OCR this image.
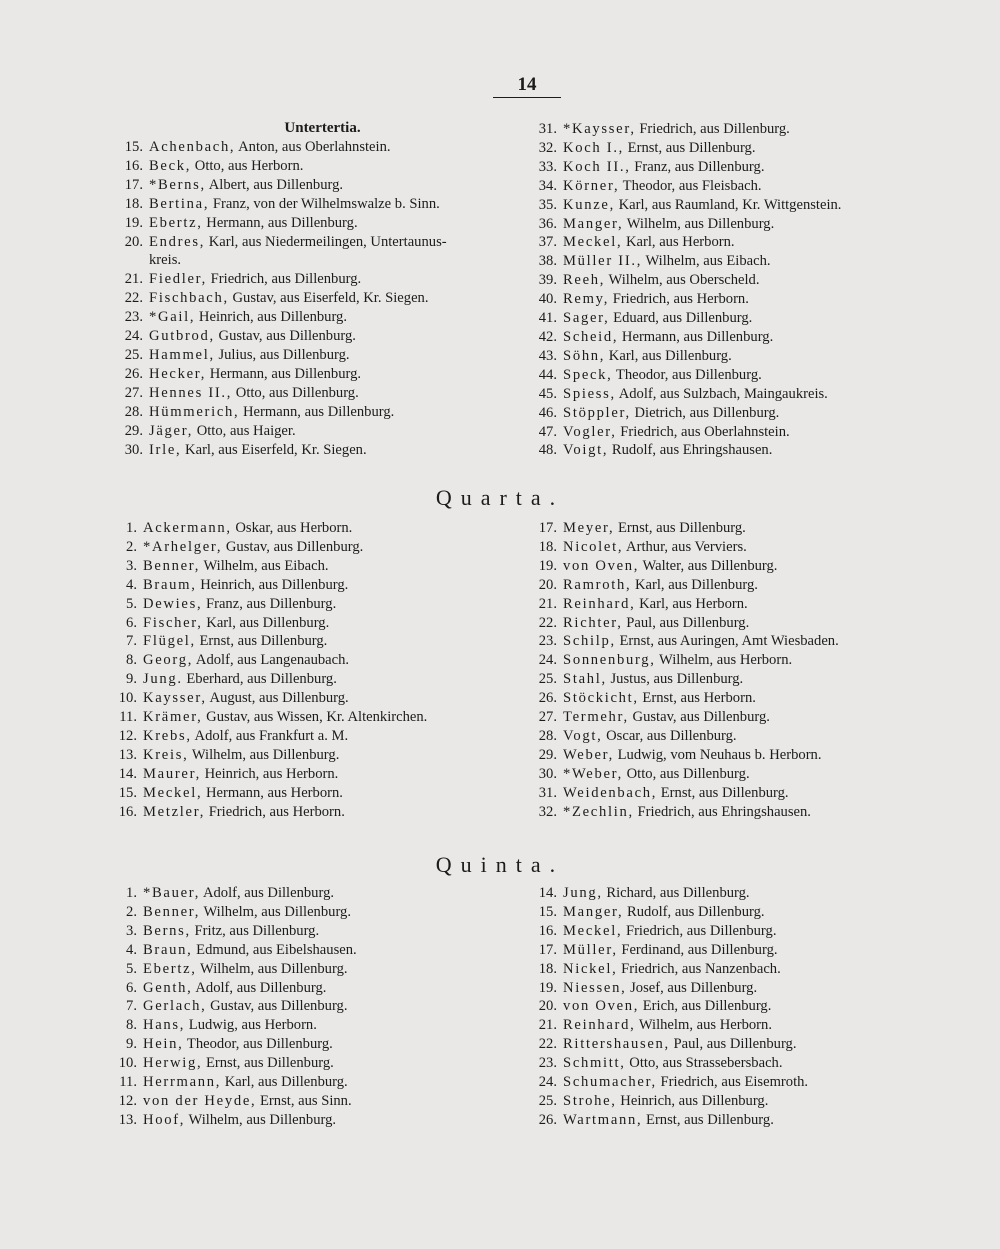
14
Untertertia.
15. Achenbach, Anton, aus Oberlahnstein.
16. Beck, Otto, aus Herborn.
17. *Berns, Albert, aus Dillenburg.
18. Bertina, Franz, von der Wilhelmswalze b. Sinn.
19. Ebertz, Hermann, aus Dillenburg.
20. Endres, Karl, aus Niedermeilingen, Untertaunus-
kreis.
21. Fiedler, Friedrich, aus Dillenburg.
22. Fischbach, Gustav, aus Eiserfeld, Kr. Siegen.
23. *Gail, Heinrich, aus Dillenburg.
24. Gutbrod, Gustav, aus Dillenburg.
25. Hammel, Julius, aus Dillenburg.
26. Hecker, Hermann, aus Dillenburg.
27. Hennes II., Otto, aus Dillenburg.
28. Hümmerich, Hermann, aus Dillenburg.
29. Jäger, Otto, aus Haiger.
30. Irle, Karl, aus Eiserfeld, Kr. Siegen.
31. *Kaysser, Friedrich, aus Dillenburg.
32. Koch I., Ernst, aus Dillenburg.
33. Koch II., Franz, aus Dillenburg.
34. Körner, Theodor, aus Fleisbach.
35. Kunze, Karl, aus Raumland, Kr. Wittgenstein.
36. Manger, Wilhelm, aus Dillenburg.
37. Meckel, Karl, aus Herborn.
38. Müller II., Wilhelm, aus Eibach.
39. Reeh, Wilhelm, aus Oberscheld.
40. Remy, Friedrich, aus Herborn.
41. Sager, Eduard, aus Dillenburg.
42. Scheid, Hermann, aus Dillenburg.
43. Söhn, Karl, aus Dillenburg.
44. Speck, Theodor, aus Dillenburg.
45. Spiess, Adolf, aus Sulzbach, Maingaukreis.
46. Stöppler, Dietrich, aus Dillenburg.
47. Vogler, Friedrich, aus Oberlahnstein.
48. Voigt, Rudolf, aus Ehringshausen.
Quarta.
1. Ackermann, Oskar, aus Herborn.
2. *Arhelger, Gustav, aus Dillenburg.
3. Benner, Wilhelm, aus Eibach.
4. Braum, Heinrich, aus Dillenburg.
5. Dewies, Franz, aus Dillenburg.
6. Fischer, Karl, aus Dillenburg.
7. Flügel, Ernst, aus Dillenburg.
8. Georg, Adolf, aus Langenaubach.
9. Jung. Eberhard, aus Dillenburg.
10. Kaysser, August, aus Dillenburg.
11. Krämer, Gustav, aus Wissen, Kr. Altenkirchen.
12. Krebs, Adolf, aus Frankfurt a. M.
13. Kreis, Wilhelm, aus Dillenburg.
14. Maurer, Heinrich, aus Herborn.
15. Meckel, Hermann, aus Herborn.
16. Metzler, Friedrich, aus Herborn.
17. Meyer, Ernst, aus Dillenburg.
18. Nicolet, Arthur, aus Verviers.
19. von Oven, Walter, aus Dillenburg.
20. Ramroth, Karl, aus Dillenburg.
21. Reinhard, Karl, aus Herborn.
22. Richter, Paul, aus Dillenburg.
23. Schilp, Ernst, aus Auringen, Amt Wiesbaden.
24. Sonnenburg, Wilhelm, aus Herborn.
25. Stahl, Justus, aus Dillenburg.
26. Stöckicht, Ernst, aus Herborn.
27. Termehr, Gustav, aus Dillenburg.
28. Vogt, Oscar, aus Dillenburg.
29. Weber, Ludwig, vom Neuhaus b. Herborn.
30. *Weber, Otto, aus Dillenburg.
31. Weidenbach, Ernst, aus Dillenburg.
32. *Zechlin, Friedrich, aus Ehringshausen.
Quinta.
1. *Bauer, Adolf, aus Dillenburg.
2. Benner, Wilhelm, aus Dillenburg.
3. Berns, Fritz, aus Dillenburg.
4. Braun, Edmund, aus Eibelshausen.
5. Ebertz, Wilhelm, aus Dillenburg.
6. Genth, Adolf, aus Dillenburg.
7. Gerlach, Gustav, aus Dillenburg.
8. Hans, Ludwig, aus Herborn.
9. Hein, Theodor, aus Dillenburg.
10. Herwig, Ernst, aus Dillenburg.
11. Herrmann, Karl, aus Dillenburg.
12. von der Heyde, Ernst, aus Sinn.
13. Hoof, Wilhelm, aus Dillenburg.
14. Jung, Richard, aus Dillenburg.
15. Manger, Rudolf, aus Dillenburg.
16. Meckel, Friedrich, aus Dillenburg.
17. Müller, Ferdinand, aus Dillenburg.
18. Nickel, Friedrich, aus Nanzenbach.
19. Niessen, Josef, aus Dillenburg.
20. von Oven, Erich, aus Dillenburg.
21. Reinhard, Wilhelm, aus Herborn.
22. Rittershausen, Paul, aus Dillenburg.
23. Schmitt, Otto, aus Strassebersbach.
24. Schumacher, Friedrich, aus Eisemroth.
25. Strohe, Heinrich, aus Dillenburg.
26. Wartmann, Ernst, aus Dillenburg.
